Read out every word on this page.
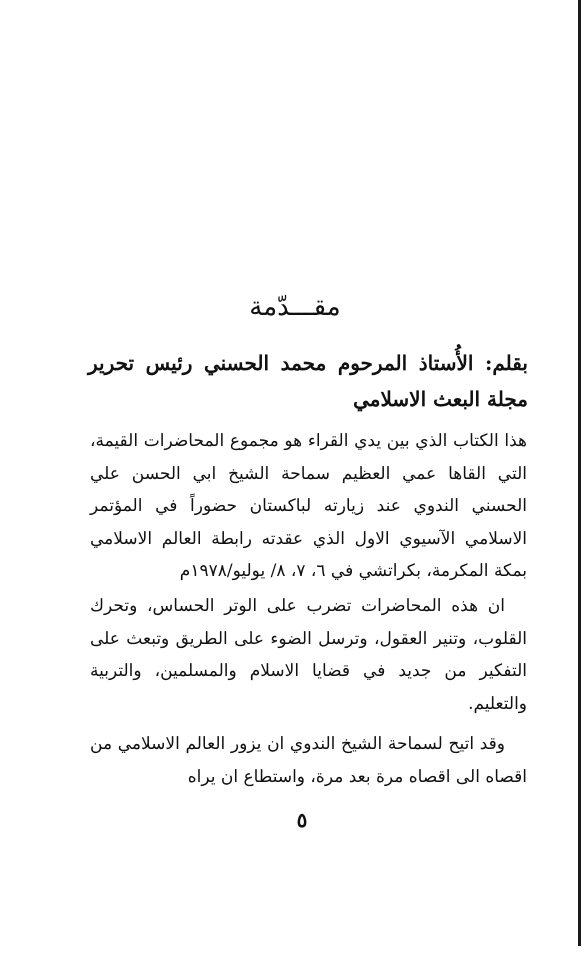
مقـــدّمة
بقلم: الأُستاذ المرحوم محمد الحسني رئيس تحرير مجلة البعث الاسلامي

هذا الكتاب الذي بين يدي القراء هو مجموع المحاضرات القيمة، التي القاها عمي العظيم سماحة الشيخ ابي الحسن علي الحسني الندوي عند زيارته لباكستان حضوراً في المؤتمر الاسلامي الآسيوي الاول الذي عقدته رابطة العالم الاسلامي بمكة المكرمة، بكراتشي في ٦، ٧، ٨/ يوليو/١٩٧٨م

ان هذه المحاضرات تضرب على الوتر الحساس، وتحرك القلوب، وتنير العقول، وترسل الضوء على الطريق وتبعث على التفكير من جديد في قضايا الاسلام والمسلمين، والتربية والتعليم.

وقد اتيح لسماحة الشيخ الندوي ان يزور العالم الاسلامي من اقصاه الى اقصاه مرة بعد مرة، واستطاع ان يراه

٥
